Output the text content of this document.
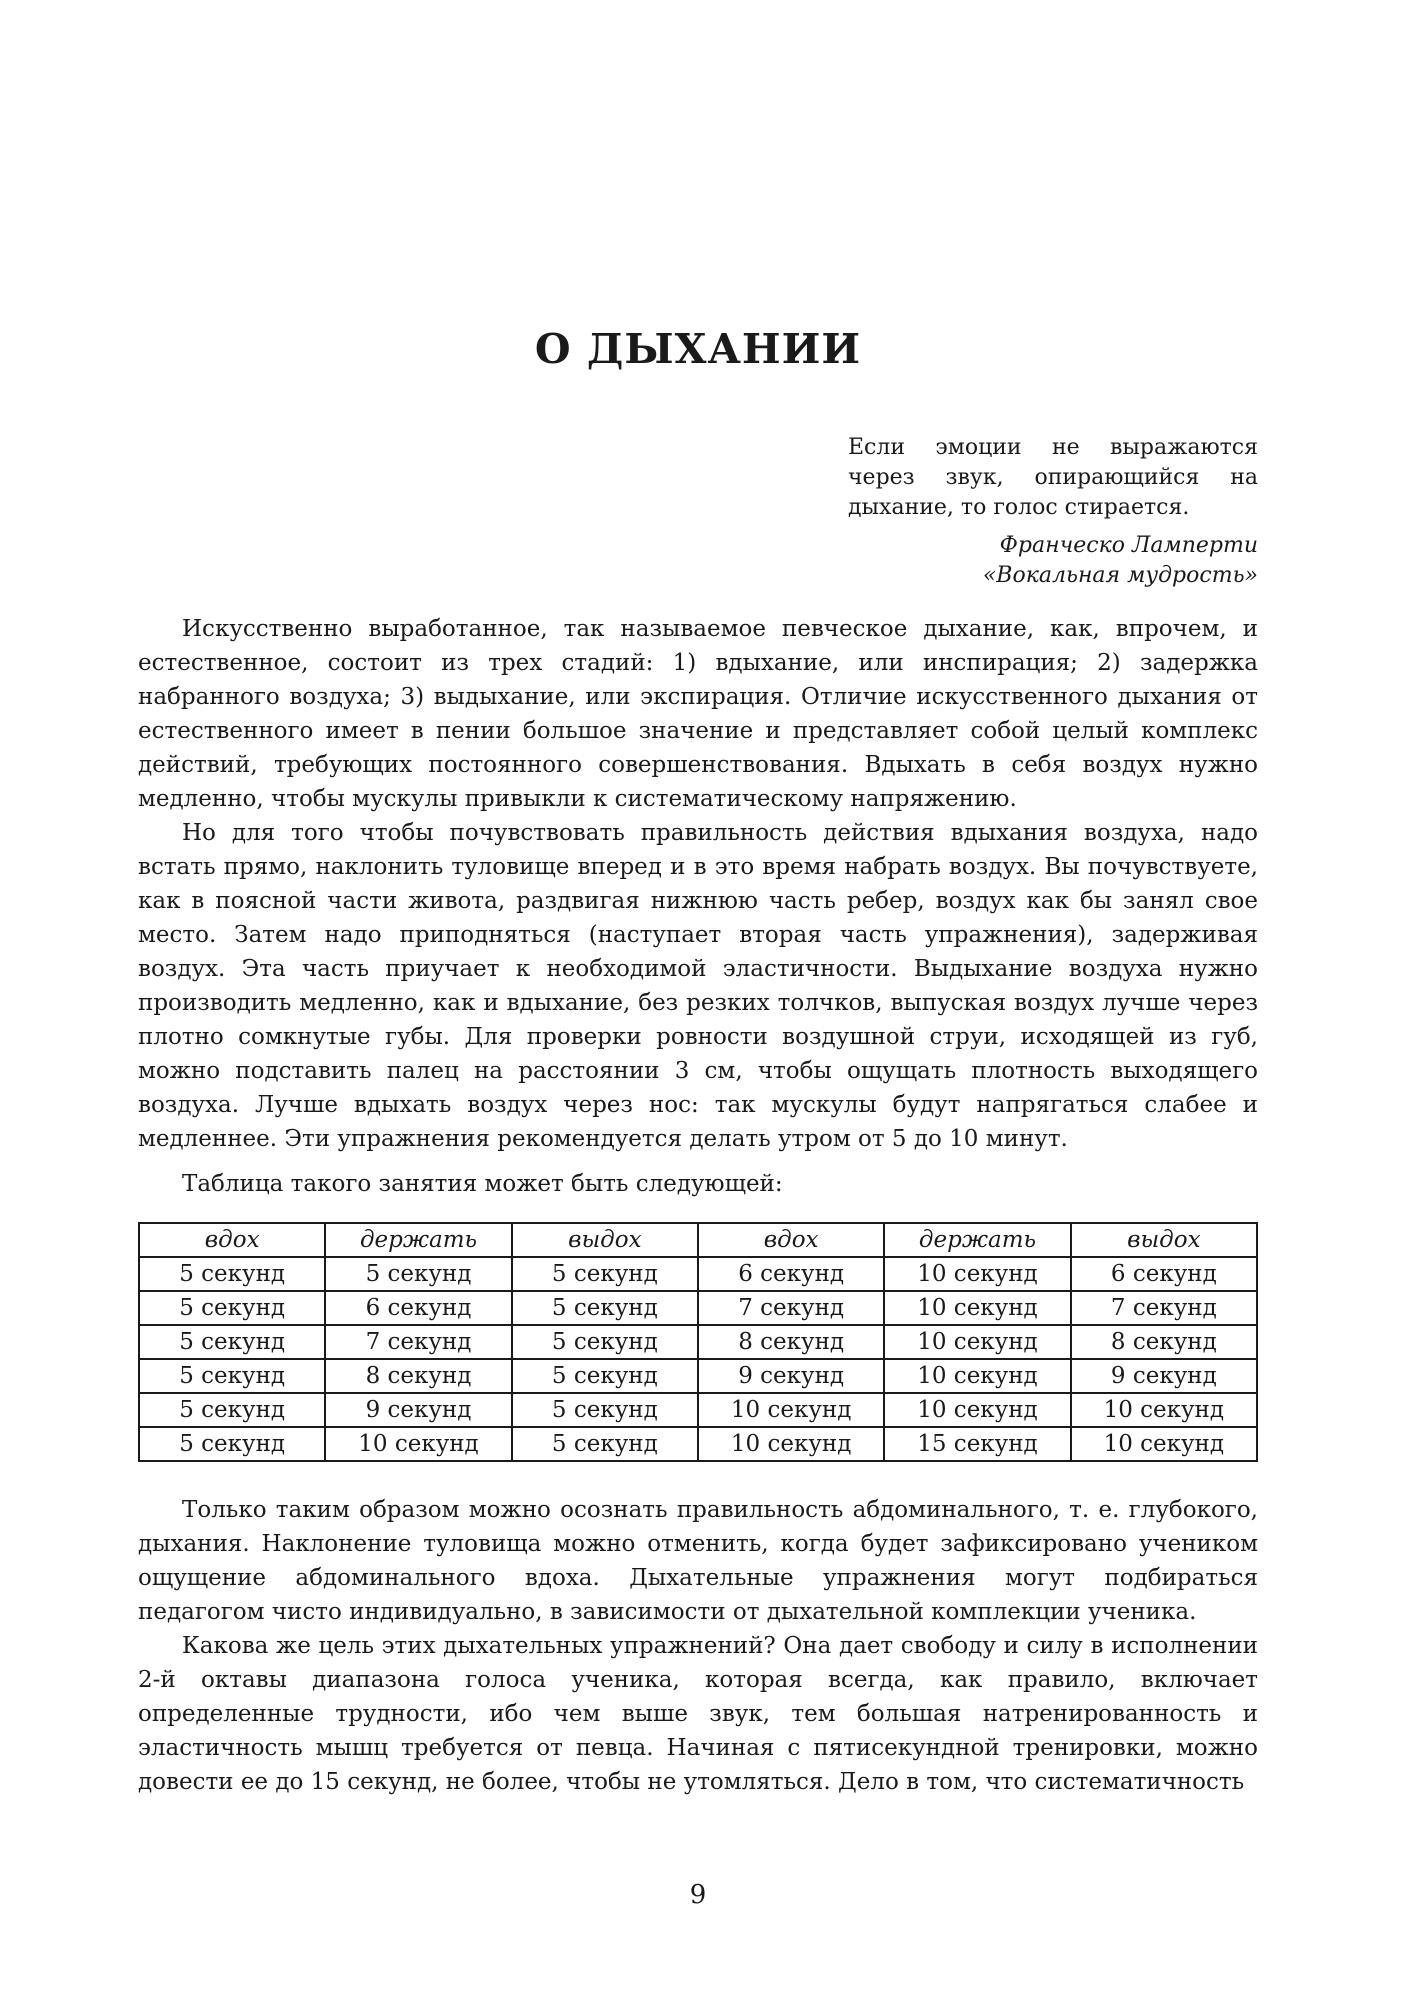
О ДЫХАНИИ

Если эмоции не выражаются через звук, опирающийся на дыхание, то голос стирается.

Франческо Ламперти
«Вокальная мудрость»

Искусственно выработанное, так называемое певческое дыхание, как, впрочем, и естественное, состоит из трех стадий: 1) вдыхание, или инспирация; 2) задержка набранного воздуха; 3) выдыхание, или экспирация. Отличие искусственного дыхания от естественного имеет в пении большое значение и представляет собой целый комплекс действий, требующих постоянного совершенствования. Вдыхать в себя воздух нужно медленно, чтобы мускулы привыкли к систематическому напряжению.

Но для того чтобы почувствовать правильность действия вдыхания воздуха, надо встать прямо, наклонить туловище вперед и в это время набрать воздух. Вы почувствуете, как в поясной части живота, раздвигая нижнюю часть ребер, воздух как бы занял свое место. Затем надо приподняться (наступает вторая часть упражнения), задерживая воздух. Эта часть приучает к необходимой эластичности. Выдыхание воздуха нужно производить медленно, как и вдыхание, без резких толчков, выпуская воздух лучше через плотно сомкнутые губы. Для проверки ровности воздушной струи, исходящей из губ, можно подставить палец на расстоянии 3 см, чтобы ощущать плотность выходящего воздуха. Лучше вдыхать воздух через нос: так мускулы будут напрягаться слабее и медленнее. Эти упражнения рекомендуется делать утром от 5 до 10 минут.

Таблица такого занятия может быть следующей:

вдох	держать	выдох	вдох	держать	выдох
5 секунд	5 секунд	5 секунд	6 секунд	10 секунд	6 секунд
5 секунд	6 секунд	5 секунд	7 секунд	10 секунд	7 секунд
5 секунд	7 секунд	5 секунд	8 секунд	10 секунд	8 секунд
5 секунд	8 секунд	5 секунд	9 секунд	10 секунд	9 секунд
5 секунд	9 секунд	5 секунд	10 секунд	10 секунд	10 секунд
5 секунд	10 секунд	5 секунд	10 секунд	15 секунд	10 секунд

Только таким образом можно осознать правильность абдоминального, т. е. глубокого, дыхания. Наклонение туловища можно отменить, когда будет зафиксировано учеником ощущение абдоминального вдоха. Дыхательные упражнения могут подбираться педагогом чисто индивидуально, в зависимости от дыхательной комплекции ученика.

Какова же цель этих дыхательных упражнений? Она дает свободу и силу в исполнении 2-й октавы диапазона голоса ученика, которая всегда, как правило, включает определенные трудности, ибо чем выше звук, тем большая натренированность и эластичность мышц требуется от певца. Начиная с пятисекундной тренировки, можно довести ее до 15 секунд, не более, чтобы не утомляться. Дело в том, что систематичность

9
